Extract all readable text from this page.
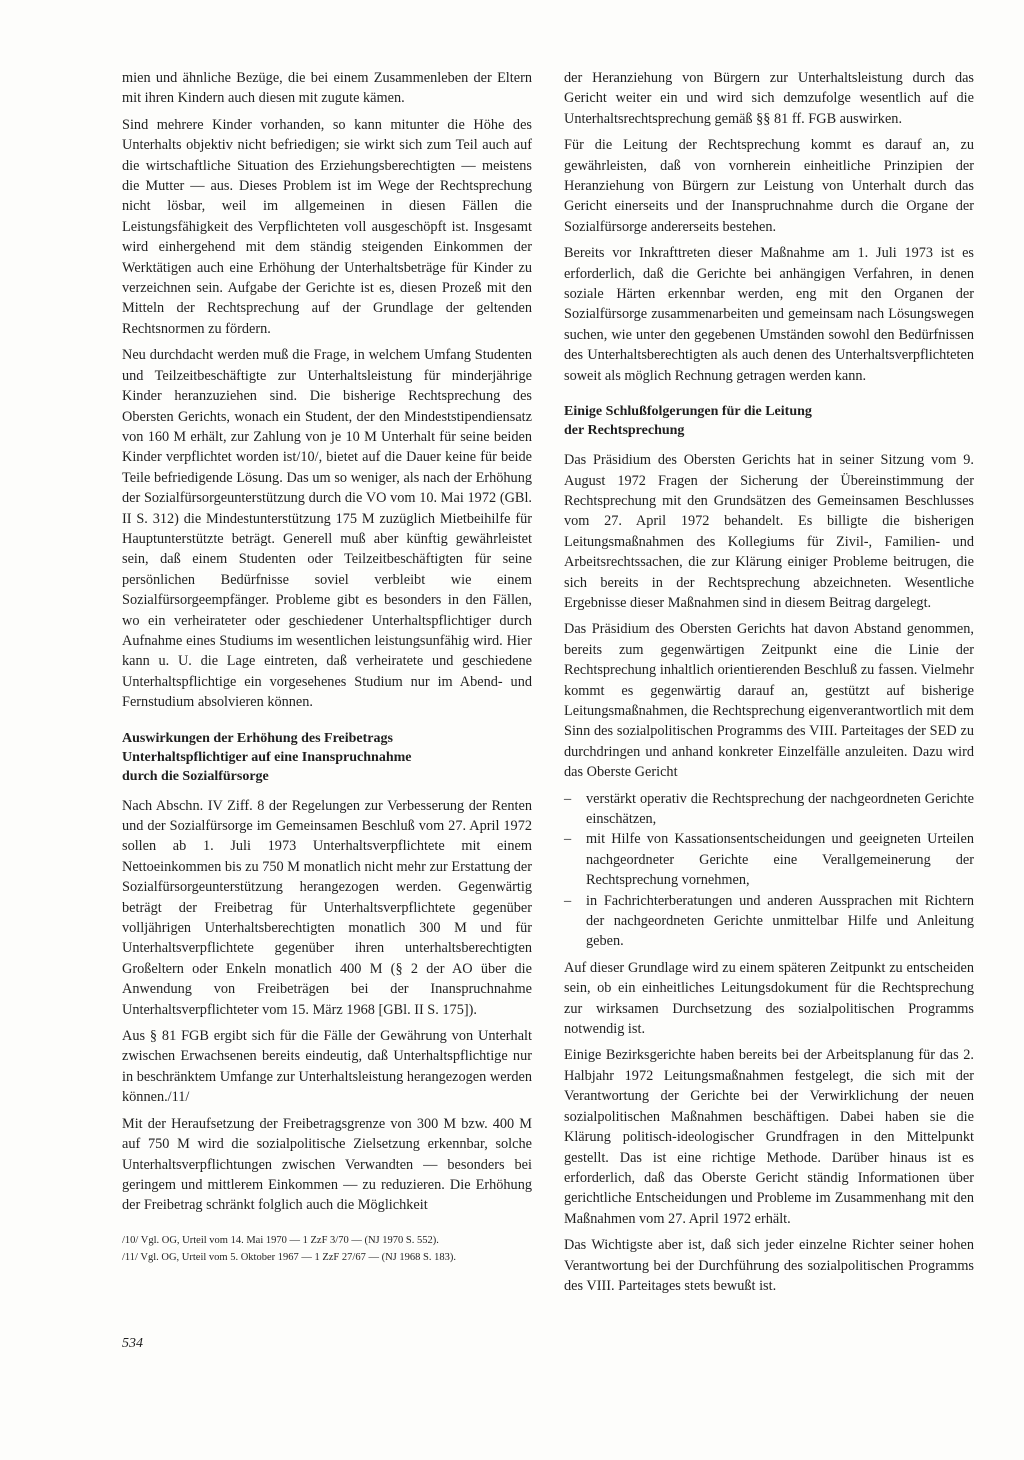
mien und ähnliche Bezüge, die bei einem Zusammenleben der Eltern mit ihren Kindern auch diesen mit zugute kämen.

Sind mehrere Kinder vorhanden, so kann mitunter die Höhe des Unterhalts objektiv nicht befriedigen; sie wirkt sich zum Teil auch auf die wirtschaftliche Situation des Erziehungsberechtigten — meistens die Mutter — aus. Dieses Problem ist im Wege der Rechtsprechung nicht lösbar, weil im allgemeinen in diesen Fällen die Leistungsfähigkeit des Verpflichteten voll ausgeschöpft ist. Insgesamt wird einhergehend mit dem ständig steigenden Einkommen der Werktätigen auch eine Erhöhung der Unterhaltsbeträge für Kinder zu verzeichnen sein. Aufgabe der Gerichte ist es, diesen Prozeß mit den Mitteln der Rechtsprechung auf der Grundlage der geltenden Rechtsnormen zu fördern.

Neu durchdacht werden muß die Frage, in welchem Umfang Studenten und Teilzeitbeschäftigte zur Unterhaltsleistung für minderjährige Kinder heranzuziehen sind. Die bisherige Rechtsprechung des Obersten Gerichts, wonach ein Student, der den Mindeststipendiensatz von 160 M erhält, zur Zahlung von je 10 M Unterhalt für seine beiden Kinder verpflichtet worden ist/10/, bietet auf die Dauer keine für beide Teile befriedigende Lösung. Das um so weniger, als nach der Erhöhung der Sozialfürsorgeunterstützung durch die VO vom 10. Mai 1972 (GBl. II S. 312) die Mindestunterstützung 175 M zuzüglich Mietbeihilfe für Hauptunterstützte beträgt. Generell muß aber künftig gewährleistet sein, daß einem Studenten oder Teilzeitbeschäftigten für seine persönlichen Bedürfnisse soviel verbleibt wie einem Sozialfürsorgeempfänger. Probleme gibt es besonders in den Fällen, wo ein verheirateter oder geschiedener Unterhaltspflichtiger durch Aufnahme eines Studiums im wesentlichen leistungsunfähig wird. Hier kann u. U. die Lage eintreten, daß verheiratete und geschiedene Unterhaltspflichtige ein vorgesehenes Studium nur im Abend- und Fernstudium absolvieren können.

Auswirkungen der Erhöhung des Freibetrags
Unterhaltspflichtiger auf eine Inanspruchnahme
durch die Sozialfürsorge

Nach Abschn. IV Ziff. 8 der Regelungen zur Verbesserung der Renten und der Sozialfürsorge im Gemeinsamen Beschluß vom 27. April 1972 sollen ab 1. Juli 1973 Unterhaltsverpflichtete mit einem Nettoeinkommen bis zu 750 M monatlich nicht mehr zur Erstattung der Sozialfürsorgeunterstützung herangezogen werden. Gegenwärtig beträgt der Freibetrag für Unterhaltsverpflichtete gegenüber volljährigen Unterhaltsberechtigten monatlich 300 M und für Unterhaltsverpflichtete gegenüber ihren unterhaltsberechtigten Großeltern oder Enkeln monatlich 400 M (§ 2 der AO über die Anwendung von Freibeträgen bei der Inanspruchnahme Unterhaltsverpflichteter vom 15. März 1968 [GBl. II S. 175]).

Aus § 81 FGB ergibt sich für die Fälle der Gewährung von Unterhalt zwischen Erwachsenen bereits eindeutig, daß Unterhaltspflichtige nur in beschränktem Umfange zur Unterhaltsleistung herangezogen werden können./11/

Mit der Heraufsetzung der Freibetragsgrenze von 300 M bzw. 400 M auf 750 M wird die sozialpolitische Zielsetzung erkennbar, solche Unterhaltsverpflichtungen zwischen Verwandten — besonders bei geringem und mittlerem Einkommen — zu reduzieren. Die Erhöhung der Freibetrag schränkt folglich auch die Möglichkeit

/10/ Vgl. OG, Urteil vom 14. Mai 1970 — 1 ZzF 3/70 — (NJ 1970 S. 552).

/11/ Vgl. OG, Urteil vom 5. Oktober 1967 — 1 ZzF 27/67 — (NJ 1968 S. 183).

der Heranziehung von Bürgern zur Unterhaltsleistung durch das Gericht weiter ein und wird sich demzufolge wesentlich auf die Unterhaltsrechtsprechung gemäß §§ 81 ff. FGB auswirken.

Für die Leitung der Rechtsprechung kommt es darauf an, zu gewährleisten, daß von vornherein einheitliche Prinzipien der Heranziehung von Bürgern zur Leistung von Unterhalt durch das Gericht einerseits und der Inanspruchnahme durch die Organe der Sozialfürsorge andererseits bestehen.

Bereits vor Inkrafttreten dieser Maßnahme am 1. Juli 1973 ist es erforderlich, daß die Gerichte bei anhängigen Verfahren, in denen soziale Härten erkennbar werden, eng mit den Organen der Sozialfürsorge zusammenarbeiten und gemeinsam nach Lösungswegen suchen, wie unter den gegebenen Umständen sowohl den Bedürfnissen des Unterhaltsberechtigten als auch denen des Unterhaltsverpflichteten soweit als möglich Rechnung getragen werden kann.

Einige Schlußfolgerungen für die Leitung
der Rechtsprechung

Das Präsidium des Obersten Gerichts hat in seiner Sitzung vom 9. August 1972 Fragen der Sicherung der Übereinstimmung der Rechtsprechung mit den Grundsätzen des Gemeinsamen Beschlusses vom 27. April 1972 behandelt. Es billigte die bisherigen Leitungsmaßnahmen des Kollegiums für Zivil-, Familien- und Arbeitsrechtssachen, die zur Klärung einiger Probleme beitrugen, die sich bereits in der Rechtsprechung abzeichneten. Wesentliche Ergebnisse dieser Maßnahmen sind in diesem Beitrag dargelegt.

Das Präsidium des Obersten Gerichts hat davon Abstand genommen, bereits zum gegenwärtigen Zeitpunkt eine die Linie der Rechtsprechung inhaltlich orientierenden Beschluß zu fassen. Vielmehr kommt es gegenwärtig darauf an, gestützt auf bisherige Leitungsmaßnahmen, die Rechtsprechung eigenverantwortlich mit dem Sinn des sozialpolitischen Programms des VIII. Parteitages der SED zu durchdringen und anhand konkreter Einzelfälle anzuleiten. Dazu wird das Oberste Gericht

– verstärkt operativ die Rechtsprechung der nachgeordneten Gerichte einschätzen,
– mit Hilfe von Kassationsentscheidungen und geeigneten Urteilen nachgeordneter Gerichte eine Verallgemeinerung der Rechtsprechung vornehmen,
– in Fachrichterberatungen und anderen Aussprachen mit Richtern der nachgeordneten Gerichte unmittelbar Hilfe und Anleitung geben.

Auf dieser Grundlage wird zu einem späteren Zeitpunkt zu entscheiden sein, ob ein einheitliches Leitungsdokument für die Rechtsprechung zur wirksamen Durchsetzung des sozialpolitischen Programms notwendig ist.

Einige Bezirksgerichte haben bereits bei der Arbeitsplanung für das 2. Halbjahr 1972 Leitungsmaßnahmen festgelegt, die sich mit der Verantwortung der Gerichte bei der Verwirklichung der neuen sozialpolitischen Maßnahmen beschäftigen. Dabei haben sie die Klärung politisch-ideologischer Grundfragen in den Mittelpunkt gestellt. Das ist eine richtige Methode. Darüber hinaus ist es erforderlich, daß das Oberste Gericht ständig Informationen über gerichtliche Entscheidungen und Probleme im Zusammenhang mit den Maßnahmen vom 27. April 1972 erhält.

Das Wichtigste aber ist, daß sich jeder einzelne Richter seiner hohen Verantwortung bei der Durchführung des sozialpolitischen Programms des VIII. Parteitages stets bewußt ist.

534
